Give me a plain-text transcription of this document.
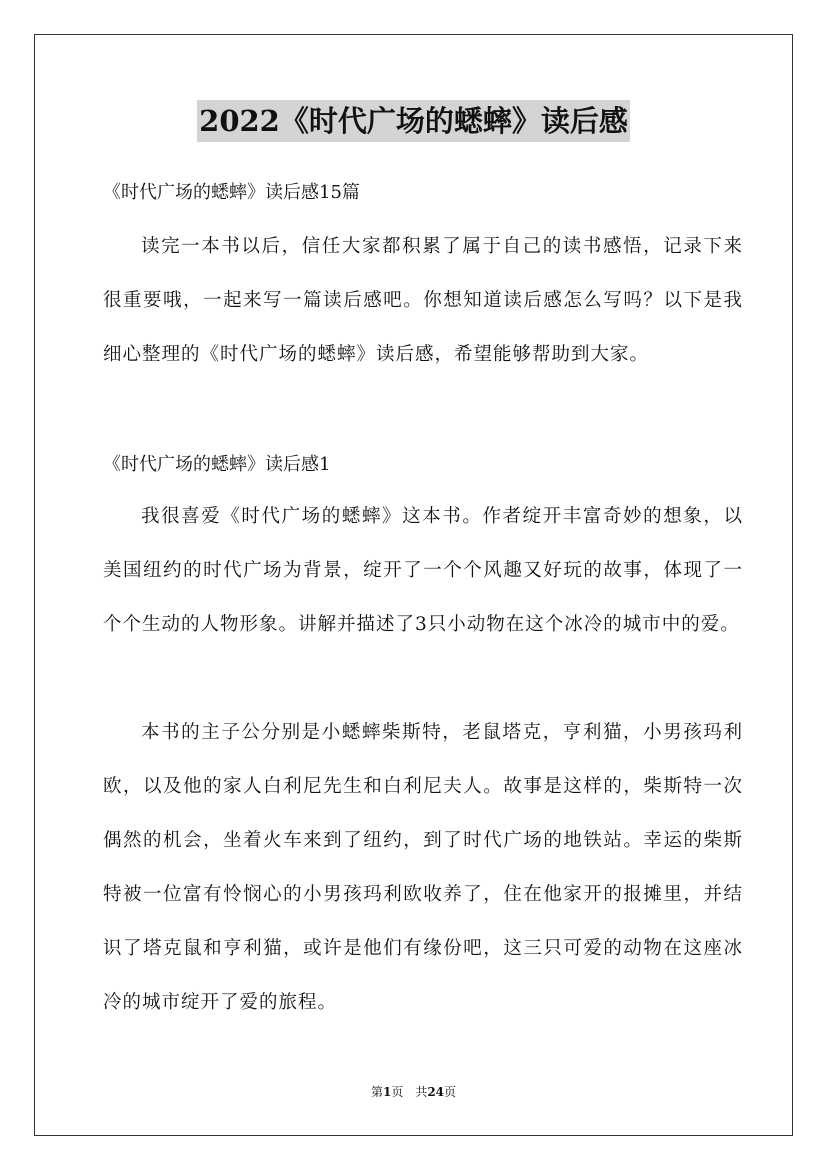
2022《时代广场的蟋蟀》读后感
《时代广场的蟋蟀》读后感15篇

读完一本书以后，信任大家都积累了属于自己的读书感悟，记录下来很重要哦，一起来写一篇读后感吧。你想知道读后感怎么写吗？以下是我细心整理的《时代广场的蟋蟀》读后感，希望能够帮助到大家。

《时代广场的蟋蟀》读后感1

我很喜爱《时代广场的蟋蟀》这本书。作者绽开丰富奇妙的想象，以美国纽约的时代广场为背景，绽开了一个个风趣又好玩的故事，体现了一个个生动的人物形象。讲解并描述了3只小动物在这个冰冷的城市中的爱。

本书的主子公分别是小蟋蟀柴斯特，老鼠塔克，亨利猫，小男孩玛利欧，以及他的家人白利尼先生和白利尼夫人。故事是这样的，柴斯特一次偶然的机会，坐着火车来到了纽约，到了时代广场的地铁站。幸运的柴斯特被一位富有怜悯心的小男孩玛利欧收养了，住在他家开的报摊里，并结识了塔克鼠和亨利猫，或许是他们有缘份吧，这三只可爱的动物在这座冰冷的城市绽开了爱的旅程。

第1页　共24页
